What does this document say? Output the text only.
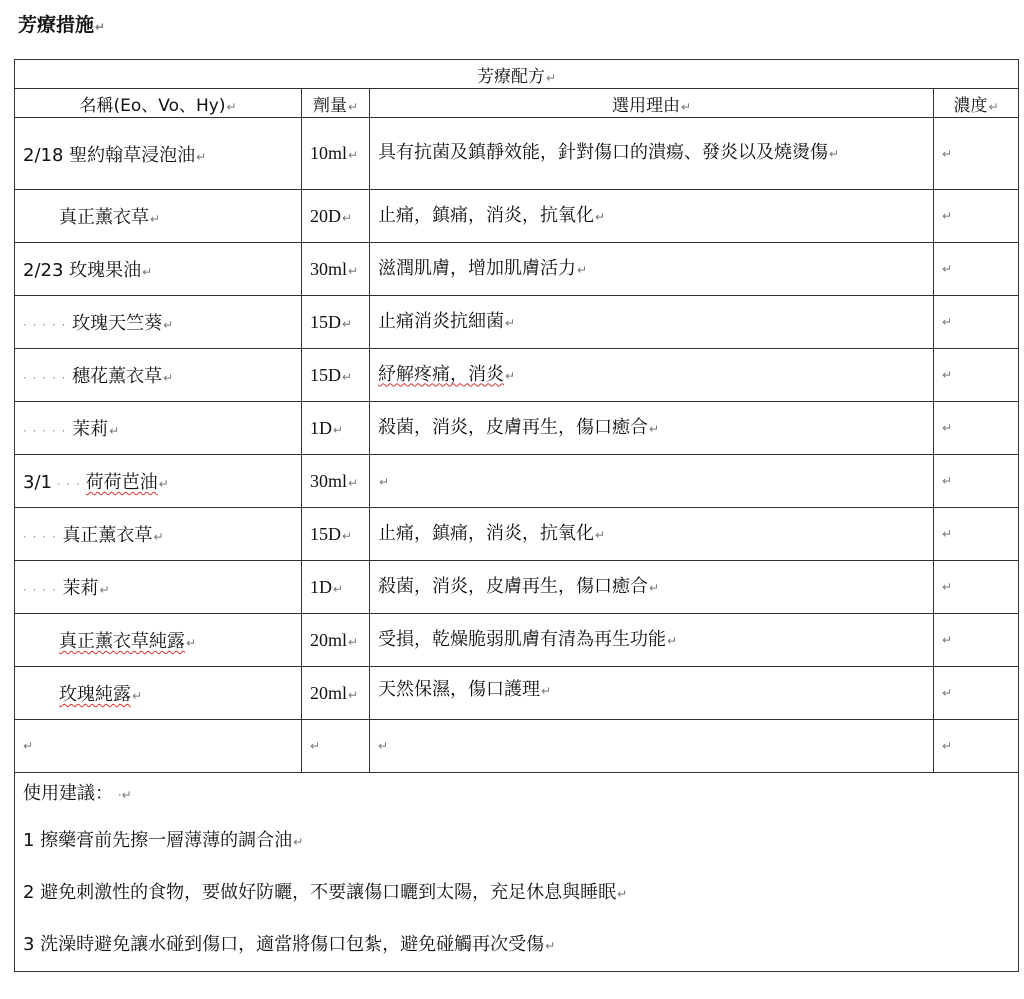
芳療措施↵
芳療配方↵			
名稱(Eo、Vo、Hy)↵	劑量↵	選用理由↵	濃度↵
2/18 聖約翰草浸泡油↵	10ml↵	具有抗菌及鎮靜效能，針對傷口的潰瘍、發炎以及燒燙傷↵	↵
真正薰衣草↵	20D↵	止痛，鎮痛，消炎，抗氧化↵	↵
2/23 玫瑰果油↵	30ml↵	滋潤肌膚，增加肌膚活力↵	↵
· · · · · 玫瑰天竺葵↵	15D↵	止痛消炎抗細菌↵	↵
· · · · · 穗花薰衣草↵	15D↵	紓解疼痛，消炎↵	↵
· · · · · 茉莉↵	1D↵	殺菌，消炎，皮膚再生，傷口癒合↵	↵
3/1 · · · 荷荷芭油↵	30ml↵	↵	↵
· · · · 真正薰衣草↵	15D↵	止痛，鎮痛，消炎，抗氧化↵	↵
· · · · 茉莉↵	1D↵	殺菌，消炎，皮膚再生，傷口癒合↵	↵
真正薰衣草純露↵	20ml↵	受損，乾燥脆弱肌膚有清為再生功能↵	↵
玫瑰純露↵	20ml↵	天然保濕，傷口護理↵	↵
↵	↵	↵	↵

使用建議： ·↵
1 擦藥膏前先擦一層薄薄的調合油↵
2 避免刺激性的食物，要做好防曬，不要讓傷口曬到太陽，充足休息與睡眠↵
3 洗澡時避免讓水碰到傷口，適當將傷口包紮，避免碰觸再次受傷↵			
